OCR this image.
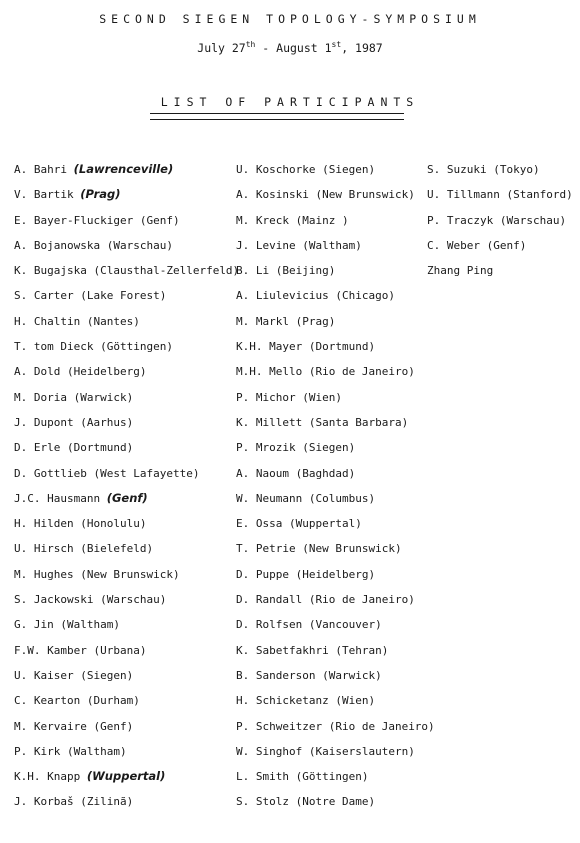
SECOND SIEGEN TOPOLOGY-SYMPOSIUM
July 27th - August 1st, 1987
LIST OF PARTICIPANTS
A. Bahri (Lawrenceville)
V. Bartik (Prag)
E. Bayer-Fluckiger (Genf)
A. Bojanowska (Warschau)
K. Bugajska (Clausthal-Zellerfeld)
S. Carter (Lake Forest)
H. Chaltin (Nantes)
T. tom Dieck (Göttingen)
A. Dold (Heidelberg)
M. Doria (Warwick)
J. Dupont (Aarhus)
D. Erle (Dortmund)
D. Gottlieb (West Lafayette)
J.C. Hausmann (Genf)
H. Hilden (Honolulu)
U. Hirsch (Bielefeld)
M. Hughes (New Brunswick)
S. Jackowski (Warschau)
G. Jin (Waltham)
F.W. Kamber (Urbana)
U. Kaiser (Siegen)
C. Kearton (Durham)
M. Kervaire (Genf)
P. Kirk (Waltham)
K.H. Knapp (Wuppertal)
J. Korbaš (Zilinã)
U. Koschorke (Siegen)
A. Kosinski (New Brunswick)
M. Kreck (Mainz )
J. Levine (Waltham)
B. Li (Beijing)
A. Liulevicius (Chicago)
M. Markl (Prag)
K.H. Mayer (Dortmund)
M.H. Mello (Rio de Janeiro)
P. Michor (Wien)
K. Millett (Santa Barbara)
P. Mrozik (Siegen)
A. Naoum (Baghdad)
W. Neumann (Columbus)
E. Ossa (Wuppertal)
T. Petrie (New Brunswick)
D. Puppe (Heidelberg)
D. Randall (Rio de Janeiro)
D. Rolfsen (Vancouver)
K. Sabetfakhri (Tehran)
B. Sanderson (Warwick)
H. Schicketanz (Wien)
P. Schweitzer (Rio de Janeiro)
W. Singhof (Kaiserslautern)
L. Smith (Göttingen)
S. Stolz (Notre Dame)
S. Suzuki (Tokyo)
U. Tillmann (Stanford)
P. Traczyk (Warschau)
C. Weber (Genf)
Zhang Ping
